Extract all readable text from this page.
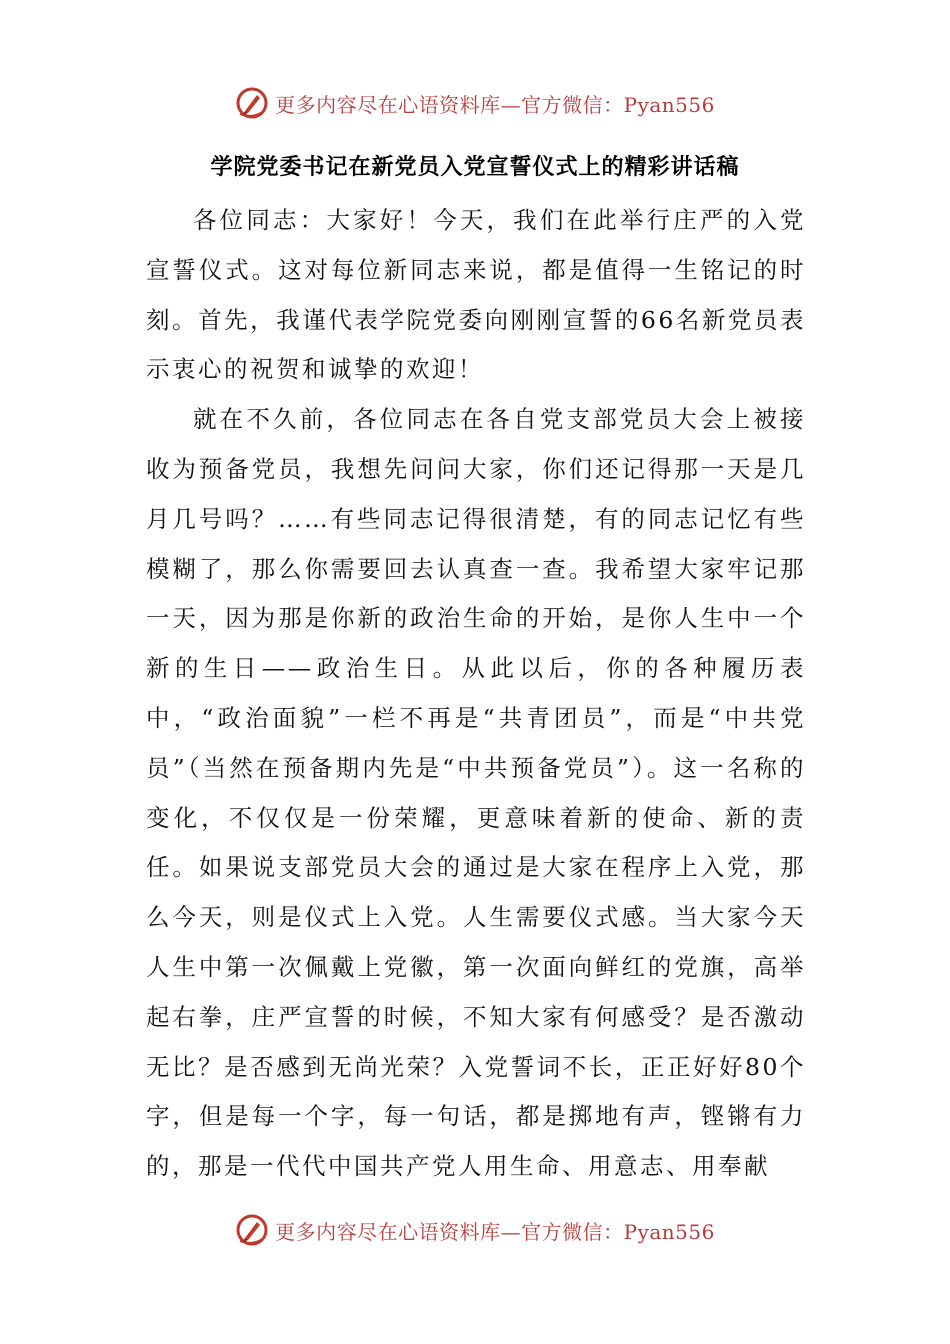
更多内容尽在心语资料库—官方微信：Pyan556
学院党委书记在新党员入党宣誓仪式上的精彩讲话稿

各位同志：大家好！今天，我们在此举行庄严的入党宣誓仪式。这对每位新同志来说，都是值得一生铭记的时刻。首先，我谨代表学院党委向刚刚宣誓的66名新党员表示衷心的祝贺和诚挚的欢迎！

就在不久前，各位同志在各自党支部党员大会上被接收为预备党员，我想先问问大家，你们还记得那一天是几月几号吗？……有些同志记得很清楚，有的同志记忆有些模糊了，那么你需要回去认真查一查。我希望大家牢记那一天，因为那是你新的政治生命的开始，是你人生中一个新的生日——政治生日。从此以后，你的各种履历表中，“政治面貌”一栏不再是“共青团员”，而是“中共党员”（当然在预备期内先是“中共预备党员”）。这一名称的变化，不仅仅是一份荣耀，更意味着新的使命、新的责任。如果说支部党员大会的通过是大家在程序上入党，那么今天，则是仪式上入党。人生需要仪式感。当大家今天人生中第一次佩戴上党徽，第一次面向鲜红的党旗，高举起右拳，庄严宣誓的时候，不知大家有何感受？是否激动无比？是否感到无尚光荣？入党誓词不长，正正好好80个字，但是每一个字，每一句话，都是掷地有声，铿锵有力的，那是一代代中国共产党人用生命、用意志、用奉献

更多内容尽在心语资料库—官方微信：Pyan556
